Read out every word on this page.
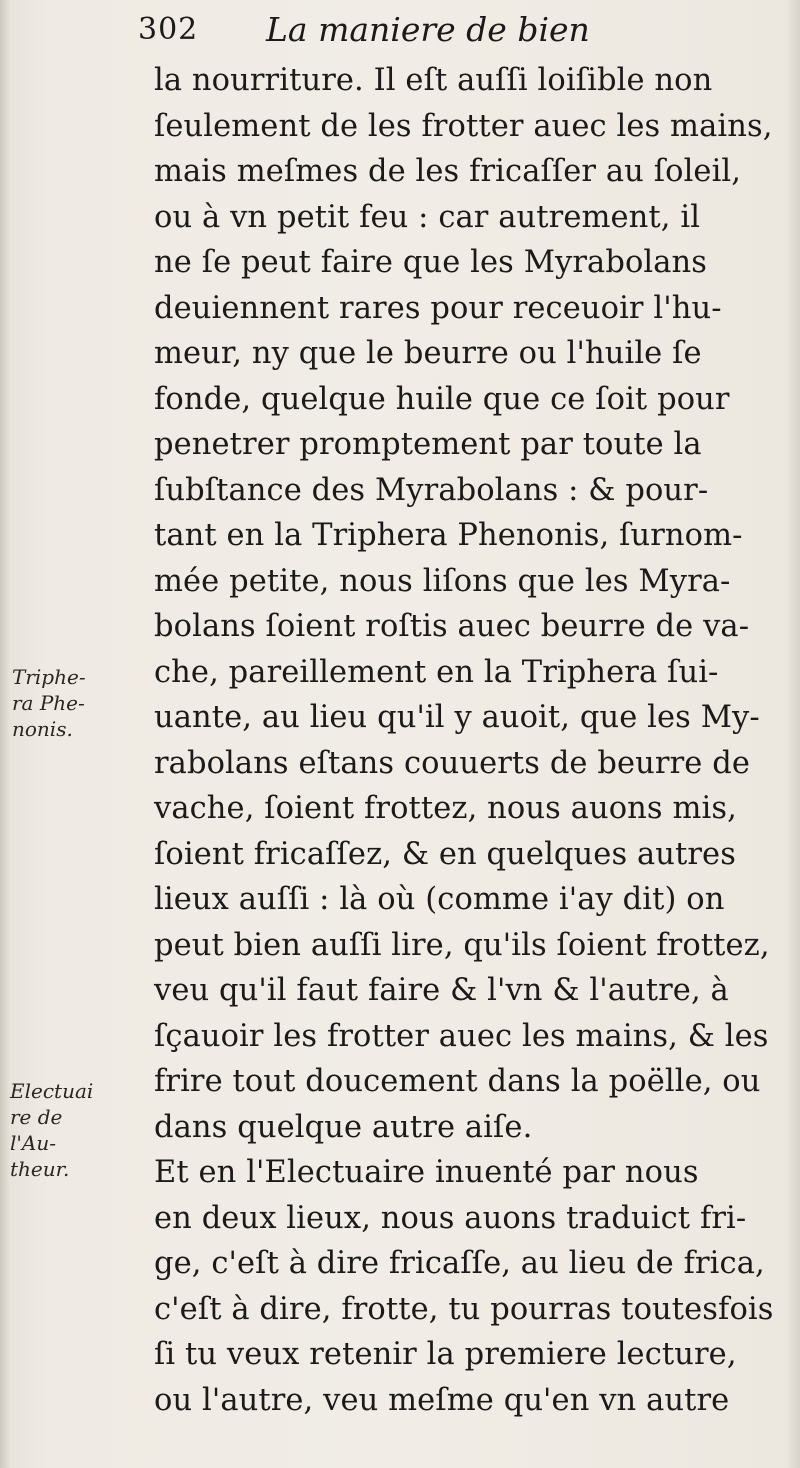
302 La maniere de bien
la nourriture. Il eſt auſſi loiſible non
ſeulement de les frotter auec les mains,
mais meſmes de les fricaſſer au ſoleil,
ou à vn petit feu : car autrement, il
ne ſe peut faire que les Myrabolans
deuiennent rares pour receuoir l'hu-
meur, ny que le beurre ou l'huile ſe
fonde, quelque huile que ce ſoit pour
penetrer promptement par toute la
ſubſtance des Myrabolans : & pour-
tant en la Triphera Phenonis, ſurnom-
mée petite, nous liſons que les Myra-
bolans ſoient roſtis auec beurre de va-
che, pareillement en la Triphera ſui-
uante, au lieu qu'il y auoit, que les My-
rabolans eſtans couuerts de beurre de
vache, ſoient frottez, nous auons mis,
ſoient fricaſſez, & en quelques autres
lieux auſſi : là où (comme i'ay dit) on
peut bien auſſi lire, qu'ils ſoient frottez,
veu qu'il faut faire & l'vn & l'autre, à
ſçauoir les frotter auec les mains, & les
frire tout doucement dans la poëlle, ou
dans quelque autre aiſe.
Et en l'Electuaire inuenté par nous
en deux lieux, nous auons traduict fri-
ge, c'eſt à dire fricaſſe, au lieu de frica,
c'eſt à dire, frotte, tu pourras toutesfois
ſi tu veux retenir la premiere lecture,
ou l'autre, veu meſme qu'en vn autre
Triphe-
ra Phe-
nonis.
Electuai
re de
l'Au-
theur.
